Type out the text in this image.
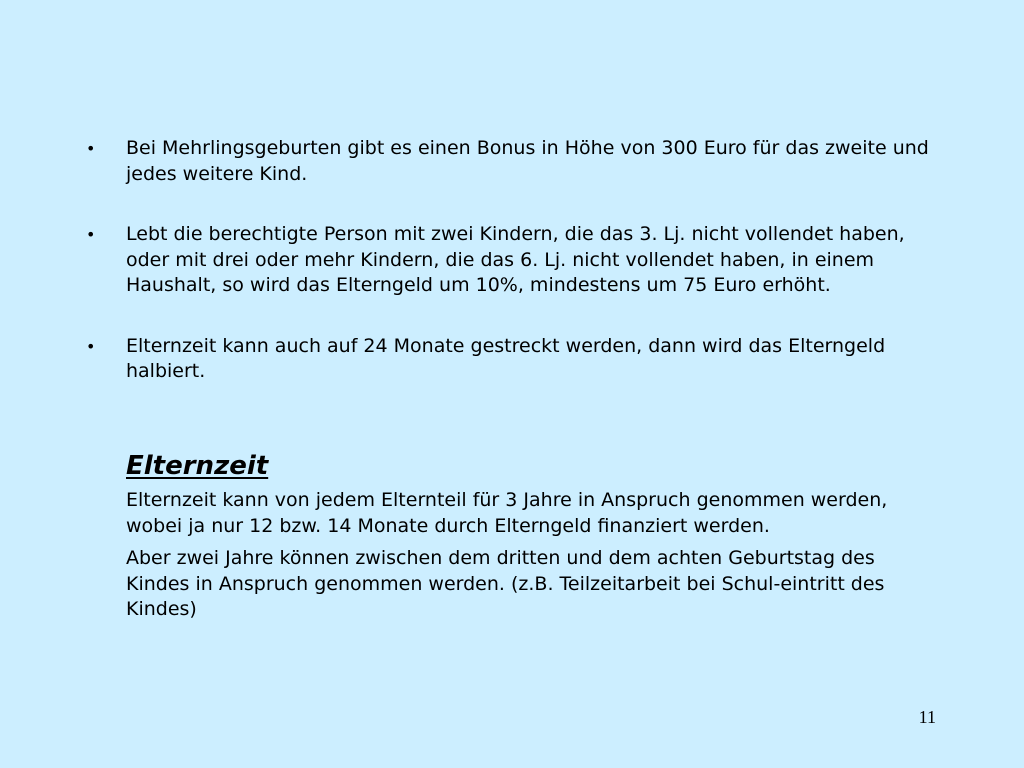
•	Bei Mehrlingsgeburten gibt es einen Bonus in Höhe von 300 Euro für das zweite und jedes weitere Kind.
•	Lebt die berechtigte Person mit zwei Kindern, die das 3. Lj. nicht vollendet haben, oder mit drei oder mehr Kindern, die das 6. Lj. nicht vollendet haben, in einem Haushalt, so wird das Elterngeld um 10%, mindestens um 75 Euro erhöht.
•	Elternzeit kann auch auf 24 Monate gestreckt werden, dann wird das Elterngeld halbiert.
Elternzeit

Elternzeit kann von jedem Elternteil für 3 Jahre in Anspruch genommen werden, wobei ja nur 12 bzw. 14 Monate durch Elterngeld finanziert werden.

Aber zwei Jahre können zwischen dem dritten und dem achten Geburtstag des Kindes in Anspruch genommen werden. (z.B. Teilzeitarbeit bei Schul-eintritt des Kindes)

11
